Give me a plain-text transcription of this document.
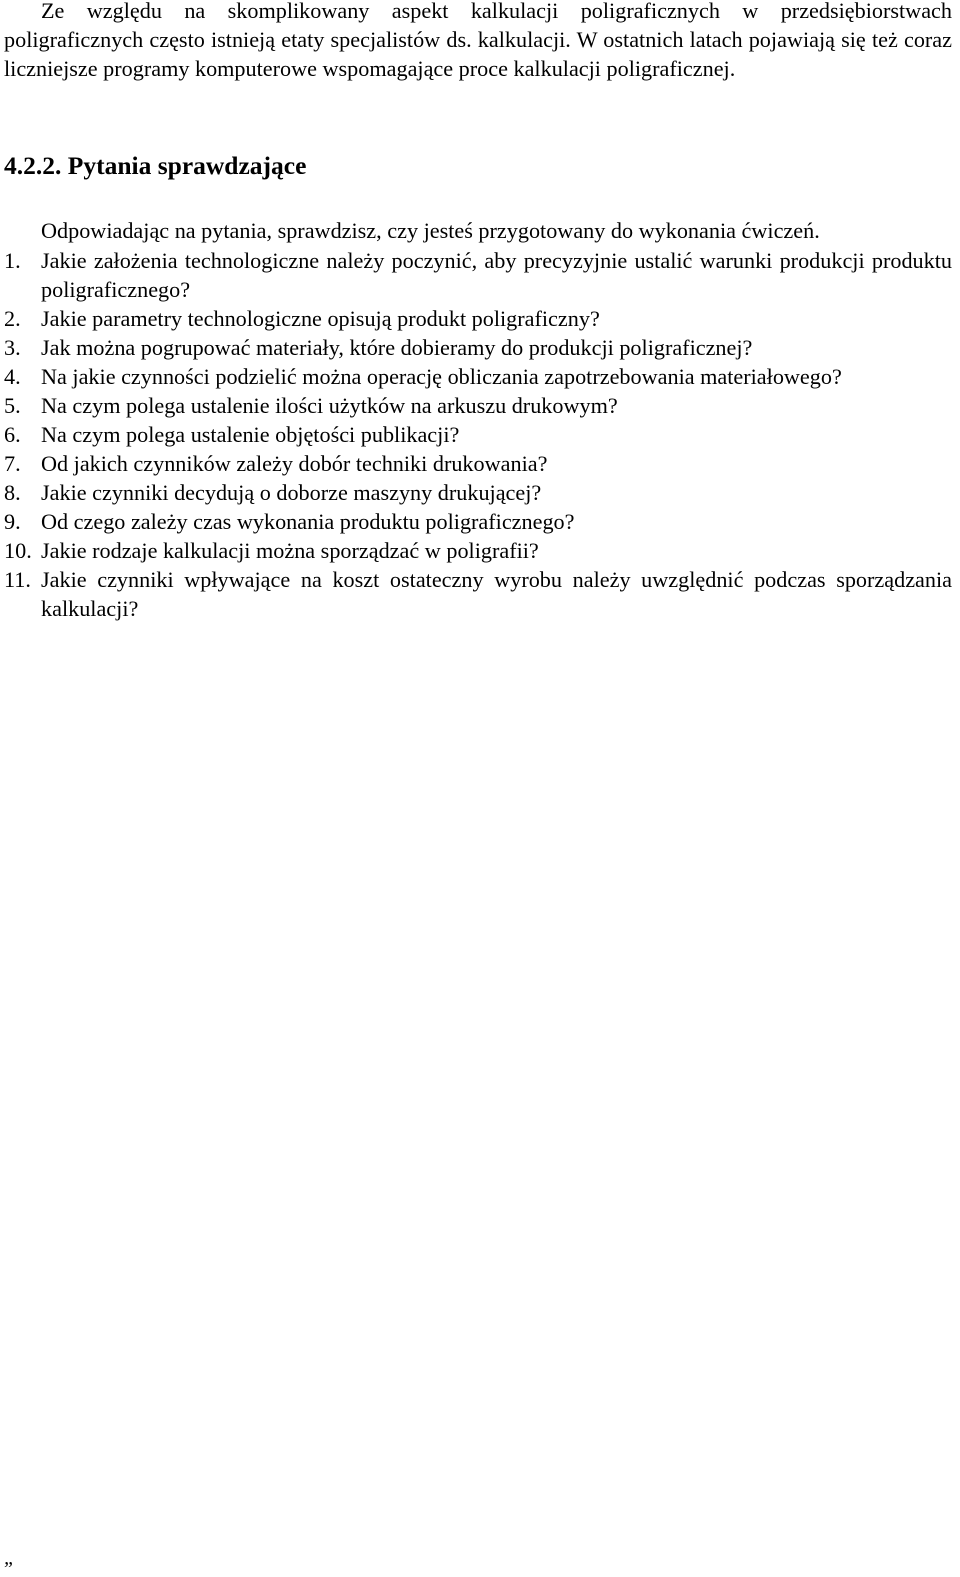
Ze względu na skomplikowany aspekt kalkulacji poligraficznych w przedsiębiorstwach poligraficznych często istnieją etaty specjalistów ds. kalkulacji. W ostatnich latach pojawiają się też coraz liczniejsze programy komputerowe wspomagające proce kalkulacji poligraficznej.

4.2.2. Pytania sprawdzające

Odpowiadając na pytania, sprawdzisz, czy jesteś przygotowany do wykonania ćwiczeń.

1. Jakie założenia technologiczne należy poczynić, aby precyzyjnie ustalić warunki produkcji produktu poligraficznego?
2. Jakie parametry technologiczne opisują produkt poligraficzny?
3. Jak można pogrupować materiały, które dobieramy do produkcji poligraficznej?
4. Na jakie czynności podzielić można operację obliczania zapotrzebowania materiałowego?
5. Na czym polega ustalenie ilości użytków na arkuszu drukowym?
6. Na czym polega ustalenie objętości publikacji?
7. Od jakich czynników zależy dobór techniki drukowania?
8. Jakie czynniki decydują o doborze maszyny drukującej?
9. Od czego zależy czas wykonania produktu poligraficznego?
10. Jakie rodzaje kalkulacji można sporządzać w poligrafii?
11. Jakie czynniki wpływające na koszt ostateczny wyrobu należy uwzględnić podczas sporządzania kalkulacji?
„
